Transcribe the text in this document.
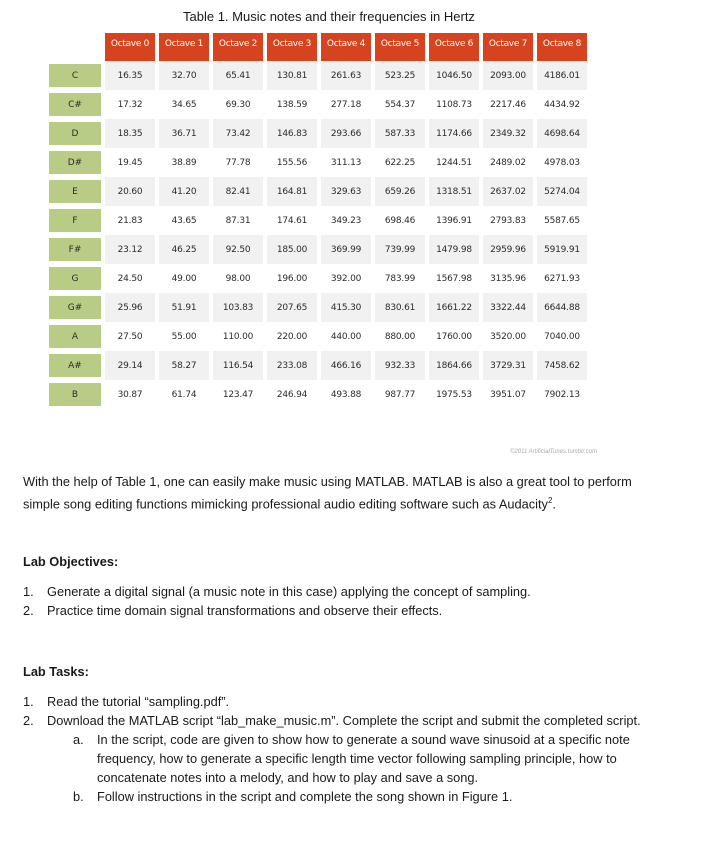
Table 1. Music notes and their frequencies in Hertz
	Octave 0	Octave 1	Octave 2	Octave 3	Octave 4	Octave 5	Octave 6	Octave 7	Octave 8
C	16.35	32.70	65.41	130.81	261.63	523.25	1046.50	2093.00	4186.01
C#	17.32	34.65	69.30	138.59	277.18	554.37	1108.73	2217.46	4434.92
D	18.35	36.71	73.42	146.83	293.66	587.33	1174.66	2349.32	4698.64
D#	19.45	38.89	77.78	155.56	311.13	622.25	1244.51	2489.02	4978.03
E	20.60	41.20	82.41	164.81	329.63	659.26	1318.51	2637.02	5274.04
F	21.83	43.65	87.31	174.61	349.23	698.46	1396.91	2793.83	5587.65
F#	23.12	46.25	92.50	185.00	369.99	739.99	1479.98	2959.96	5919.91
G	24.50	49.00	98.00	196.00	392.00	783.99	1567.98	3135.96	6271.93
G#	25.96	51.91	103.83	207.65	415.30	830.61	1661.22	3322.44	6644.88
A	27.50	55.00	110.00	220.00	440.00	880.00	1760.00	3520.00	7040.00
A#	29.14	58.27	116.54	233.08	466.16	932.33	1864.66	3729.31	7458.62
B	30.87	61.74	123.47	246.94	493.88	987.77	1975.53	3951.07	7902.13
©2011 ArtificialTunes.tumblr.com
With the help of Table 1, one can easily make music using MATLAB. MATLAB is also a great tool to perform simple song editing functions mimicking professional audio editing software such as Audacity$^2$.
Lab Objectives:
1. Generate a digital signal (a music note in this case) applying the concept of sampling.
2. Practice time domain signal transformations and observe their effects.
Lab Tasks:
1. Read the tutorial “sampling.pdf”.
2. Download the MATLAB script “lab_make_music.m”. Complete the script and submit the completed script.
a. In the script, code are given to show how to generate a sound wave sinusoid at a specific note frequency, how to generate a specific length time vector following sampling principle, how to concatenate notes into a melody, and how to play and save a song.
b. Follow instructions in the script and complete the song shown in Figure 1.
